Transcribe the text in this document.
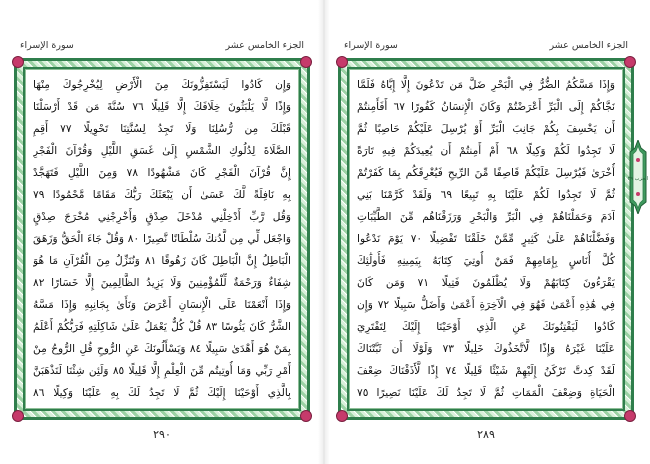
الجزء الخامس عشر
سورة الإسراء
وَإِن كَادُوا لَيَسْتَفِزُّونَكَ مِنَ الْأَرْضِ لِيُخْرِجُوكَ مِنْهَا
وَإِذًا لَّا يَلْبَثُونَ خِلَافَكَ إِلَّا قَلِيلًا ٧٦ سُنَّةَ مَن قَدْ أَرْسَلْنَا
قَبْلَكَ مِن رُّسُلِنَا وَلَا تَجِدُ لِسُنَّتِنَا تَحْوِيلًا ٧٧ أَقِمِ
الصَّلَاةَ لِدُلُوكِ الشَّمْسِ إِلَىٰ غَسَقِ اللَّيْلِ وَقُرْآنَ الْفَجْرِ
إِنَّ قُرْآنَ الْفَجْرِ كَانَ مَشْهُودًا ٧٨ وَمِنَ اللَّيْلِ فَتَهَجَّدْ
بِهِ نَافِلَةً لَّكَ عَسَىٰ أَن يَبْعَثَكَ رَبُّكَ مَقَامًا مَّحْمُودًا ٧٩
وَقُل رَّبِّ أَدْخِلْنِي مُدْخَلَ صِدْقٍ وَأَخْرِجْنِي مُخْرَجَ صِدْقٍ
وَاجْعَل لِّي مِن لَّدُنكَ سُلْطَانًا نَّصِيرًا ٨٠ وَقُلْ جَاءَ الْحَقُّ وَزَهَقَ
الْبَاطِلُ إِنَّ الْبَاطِلَ كَانَ زَهُوقًا ٨١ وَنُنَزِّلُ مِنَ الْقُرْآنِ مَا هُوَ
شِفَاءٌ وَرَحْمَةٌ لِّلْمُؤْمِنِينَ وَلَا يَزِيدُ الظَّالِمِينَ إِلَّا خَسَارًا ٨٢
وَإِذَا أَنْعَمْنَا عَلَى الْإِنسَانِ أَعْرَضَ وَنَأَىٰ بِجَانِبِهِ وَإِذَا مَسَّهُ
الشَّرُّ كَانَ يَئُوسًا ٨٣ قُلْ كُلٌّ يَعْمَلُ عَلَىٰ شَاكِلَتِهِ فَرَبُّكُمْ أَعْلَمُ
بِمَنْ هُوَ أَهْدَىٰ سَبِيلًا ٨٤ وَيَسْأَلُونَكَ عَنِ الرُّوحِ قُلِ الرُّوحُ مِنْ
أَمْرِ رَبِّي وَمَا أُوتِيتُم مِّنَ الْعِلْمِ إِلَّا قَلِيلًا ٨٥ وَلَئِن شِئْنَا لَنَذْهَبَنَّ
بِالَّذِي أَوْحَيْنَا إِلَيْكَ ثُمَّ لَا تَجِدُ لَكَ بِهِ عَلَيْنَا وَكِيلًا ٨٦
٢٩٠
الجزء الخامس عشر
سورة الإسراء
وَإِذَا مَسَّكُمُ الضُّرُّ فِي الْبَحْرِ ضَلَّ مَن تَدْعُونَ إِلَّا إِيَّاهُ فَلَمَّا
نَجَّاكُمْ إِلَى الْبَرِّ أَعْرَضْتُمْ وَكَانَ الْإِنسَانُ كَفُورًا ٦٧ أَفَأَمِنتُمْ
أَن يَخْسِفَ بِكُمْ جَانِبَ الْبَرِّ أَوْ يُرْسِلَ عَلَيْكُمْ حَاصِبًا ثُمَّ
لَا تَجِدُوا لَكُمْ وَكِيلًا ٦٨ أَمْ أَمِنتُمْ أَن يُعِيدَكُمْ فِيهِ تَارَةً
أُخْرَىٰ فَيُرْسِلَ عَلَيْكُمْ قَاصِفًا مِّنَ الرِّيحِ فَيُغْرِقَكُم بِمَا كَفَرْتُمْ
ثُمَّ لَا تَجِدُوا لَكُمْ عَلَيْنَا بِهِ تَبِيعًا ٦٩ وَلَقَدْ كَرَّمْنَا بَنِي
آدَمَ وَحَمَلْنَاهُمْ فِي الْبَرِّ وَالْبَحْرِ وَرَزَقْنَاهُم مِّنَ الطَّيِّبَاتِ
وَفَضَّلْنَاهُمْ عَلَىٰ كَثِيرٍ مِّمَّنْ خَلَقْنَا تَفْضِيلًا ٧٠ يَوْمَ نَدْعُوا
كُلَّ أُنَاسٍ بِإِمَامِهِمْ فَمَنْ أُوتِيَ كِتَابَهُ بِيَمِينِهِ فَأُولَٰئِكَ
يَقْرَءُونَ كِتَابَهُمْ وَلَا يُظْلَمُونَ فَتِيلًا ٧١ وَمَن كَانَ
فِي هَٰذِهِ أَعْمَىٰ فَهُوَ فِي الْآخِرَةِ أَعْمَىٰ وَأَضَلُّ سَبِيلًا ٧٢ وَإِن
كَادُوا لَيَفْتِنُونَكَ عَنِ الَّذِي أَوْحَيْنَا إِلَيْكَ لِتَفْتَرِيَ
عَلَيْنَا غَيْرَهُ وَإِذًا لَّاتَّخَذُوكَ خَلِيلًا ٧٣ وَلَوْلَا أَن ثَبَّتْنَاكَ
لَقَدْ كِدتَّ تَرْكَنُ إِلَيْهِمْ شَيْئًا قَلِيلًا ٧٤ إِذًا لَّأَذَقْنَاكَ ضِعْفَ
الْحَيَاةِ وَضِعْفَ الْمَمَاتِ ثُمَّ لَا تَجِدُ لَكَ عَلَيْنَا نَصِيرًا ٧٥
٢٨٩
الحزب ٢٩
